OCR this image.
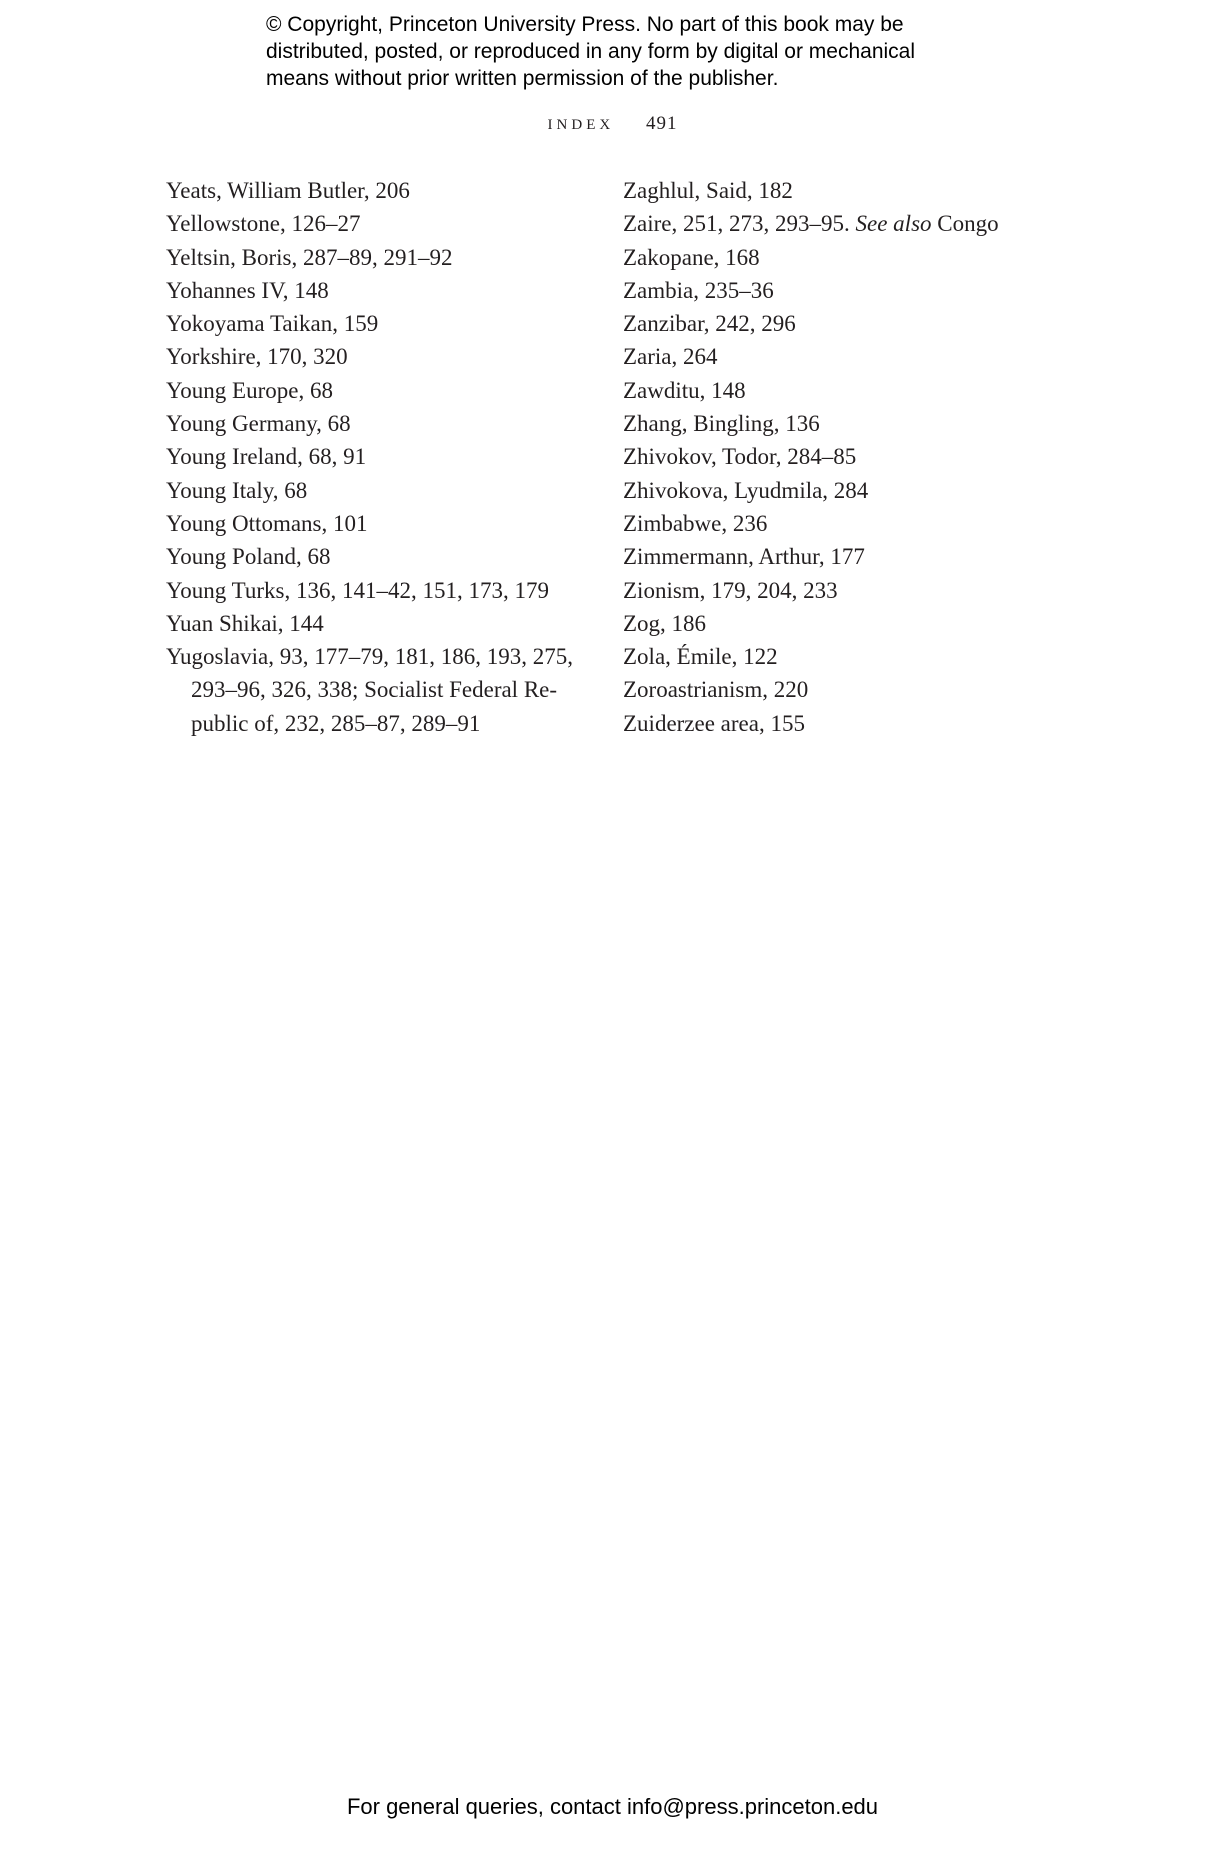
© Copyright, Princeton University Press. No part of this book may be

distributed, posted, or reproduced in any form by digital or mechanical

means without prior written permission of the publisher.

INDEX 491
Yeats, William Butler, 206
Yellowstone, 126–27
Yeltsin, Boris, 287–89, 291–92
Yohannes IV, 148
Yokoyama Taikan, 159
Yorkshire, 170, 320
Young Europe, 68
Young Germany, 68
Young Ireland, 68, 91
Young Italy, 68
Young Ottomans, 101
Young Poland, 68
Young Turks, 136, 141–42, 151, 173, 179
Yuan Shikai, 144
Yugoslavia, 93, 177–79, 181, 186, 193, 275,
293–96, 326, 338; Socialist Federal Re-
public of, 232, 285–87, 289–91
Zaghlul, Said, 182
Zaire, 251, 273, 293–95. See also Congo
Zakopane, 168
Zambia, 235–36
Zanzibar, 242, 296
Zaria, 264
Zawditu, 148
Zhang, Bingling, 136
Zhivokov, Todor, 284–85
Zhivokova, Lyudmila, 284
Zimbabwe, 236
Zimmermann, Arthur, 177
Zionism, 179, 204, 233
Zog, 186
Zola, Émile, 122
Zoroastrianism, 220
Zuiderzee area, 155
For general queries, contact info@press.princeton.edu
